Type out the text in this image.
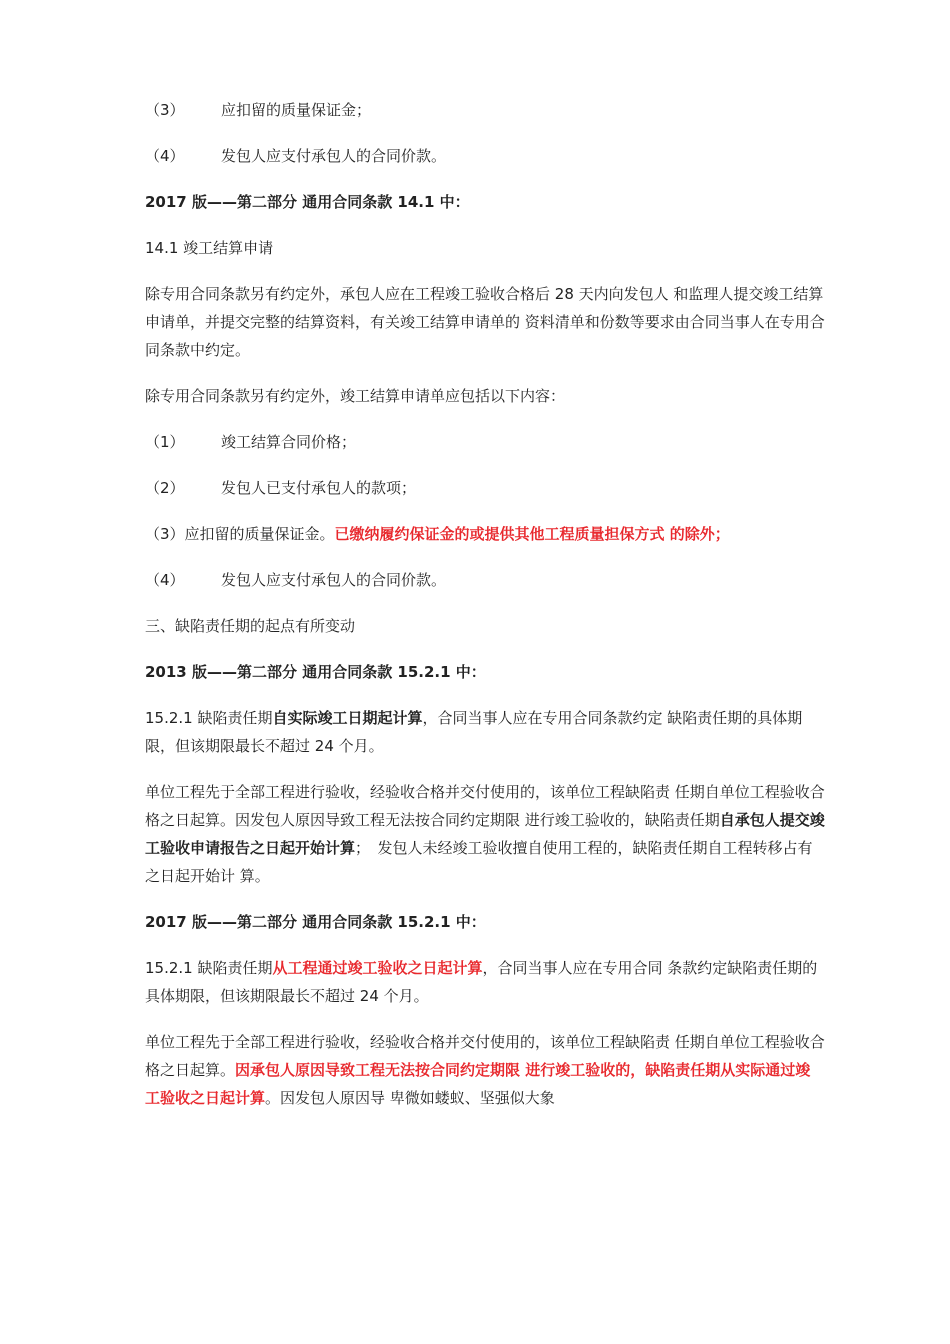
（3） 应扣留的质量保证金；
（4） 发包人应支付承包人的合同价款。
2017 版——第二部分 通用合同条款 14.1 中：
14.1 竣工结算申请
除专用合同条款另有约定外，承包人应在工程竣工验收合格后 28 天内向发包人 和监理人提交竣工结算申请单，并提交完整的结算资料，有关竣工结算申请单的 资料清单和份数等要求由合同当事人在专用合同条款中约定。
除专用合同条款另有约定外，竣工结算申请单应包括以下内容：
（1） 竣工结算合同价格；
（2） 发包人已支付承包人的款项；
（3）应扣留的质量保证金。已缴纳履约保证金的或提供其他工程质量担保方式 的除外；
（4） 发包人应支付承包人的合同价款。
三、缺陷责任期的起点有所变动
2013 版——第二部分 通用合同条款 15.2.1 中：
15.2.1 缺陷责任期自实际竣工日期起计算，合同当事人应在专用合同条款约定 缺陷责任期的具体期限，但该期限最长不超过 24 个月。
单位工程先于全部工程进行验收，经验收合格并交付使用的，该单位工程缺陷责 任期自单位工程验收合格之日起算。因发包人原因导致工程无法按合同约定期限 进行竣工验收的，缺陷责任期自承包人提交竣工验收申请报告之日起开始计算；　发包人未经竣工验收擅自使用工程的，缺陷责任期自工程转移占有之日起开始计 算。
2017 版——第二部分 通用合同条款 15.2.1 中：
15.2.1 缺陷责任期从工程通过竣工验收之日起计算，合同当事人应在专用合同 条款约定缺陷责任期的具体期限，但该期限最长不超过 24 个月。
单位工程先于全部工程进行验收，经验收合格并交付使用的，该单位工程缺陷责 任期自单位工程验收合格之日起算。因承包人原因导致工程无法按合同约定期限 进行竣工验收的，缺陷责任期从实际通过竣工验收之日起计算。因发包人原因导 卑微如蝼蚁、坚强似大象
